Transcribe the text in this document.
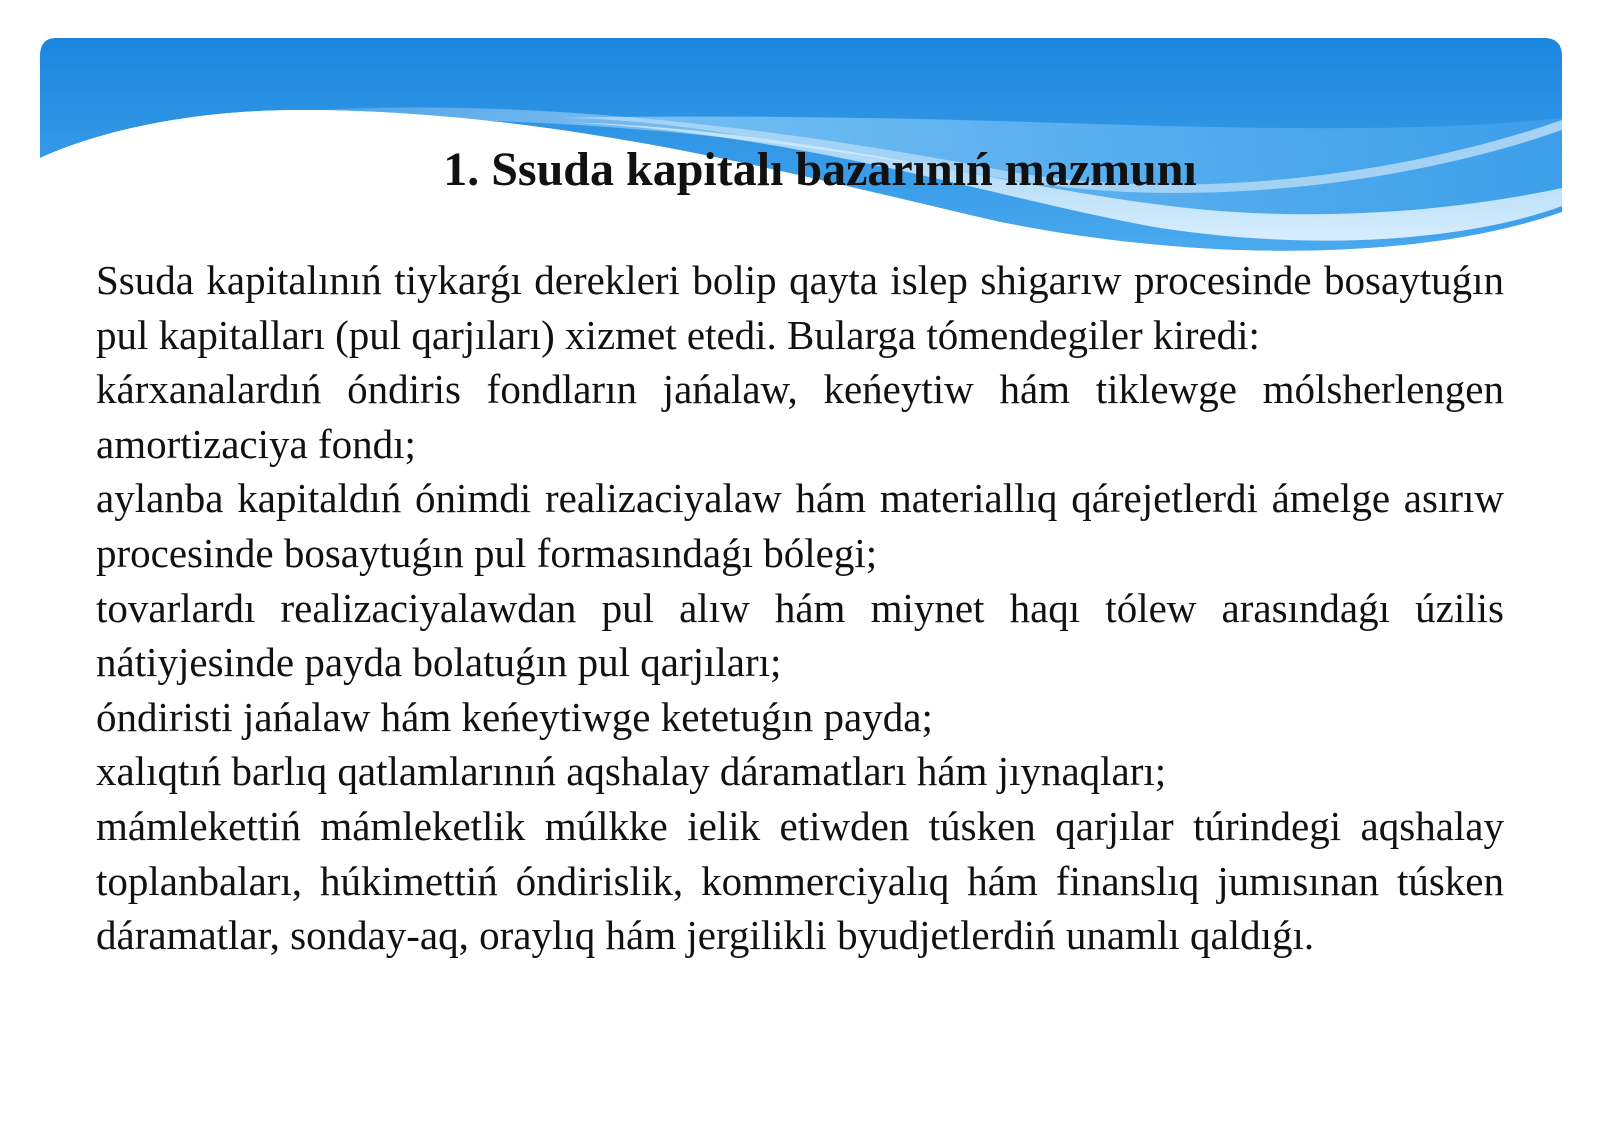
1. Ssuda kapitalı bazarınıń mazmunı

Ssuda kapitalınıń tiykarǵı derekleri bolip qayta islep shigarıw procesinde bosaytuǵın pul kapitalları (pul qarjıları) xizmet etedi. Bularga tómendegiler kiredi:

kárxanalardıń óndiris fondların jańalaw, keńeytiw hám tiklewge mólsherlengen amortizaciya fondı;

aylanba kapitaldıń ónimdi realizaciyalaw hám materiallıq qárejetlerdi ámelge asırıw procesinde bosaytuǵın pul formasındaǵı bólegi;

tovarlardı realizaciyalawdan pul alıw hám miynet haqı tólew arasındaǵı úzilis nátiyjesinde payda bolatuǵın pul qarjıları;

óndiristi jańalaw hám keńeytiwge ketetuǵın payda;

xalıqtıń barlıq qatlamlarınıń aqshalay dáramatları hám jıynaqları;

mámlekettiń mámleketlik múlkke ielik etiwden túsken qarjılar túrindegi aqshalay toplanbaları, húkimettiń óndirislik, kommerciyalıq hám finanslıq jumısınan túsken dáramatlar, sonday-aq, oraylıq hám jergilikli byudjetlerdiń unamlı qaldıǵı.
